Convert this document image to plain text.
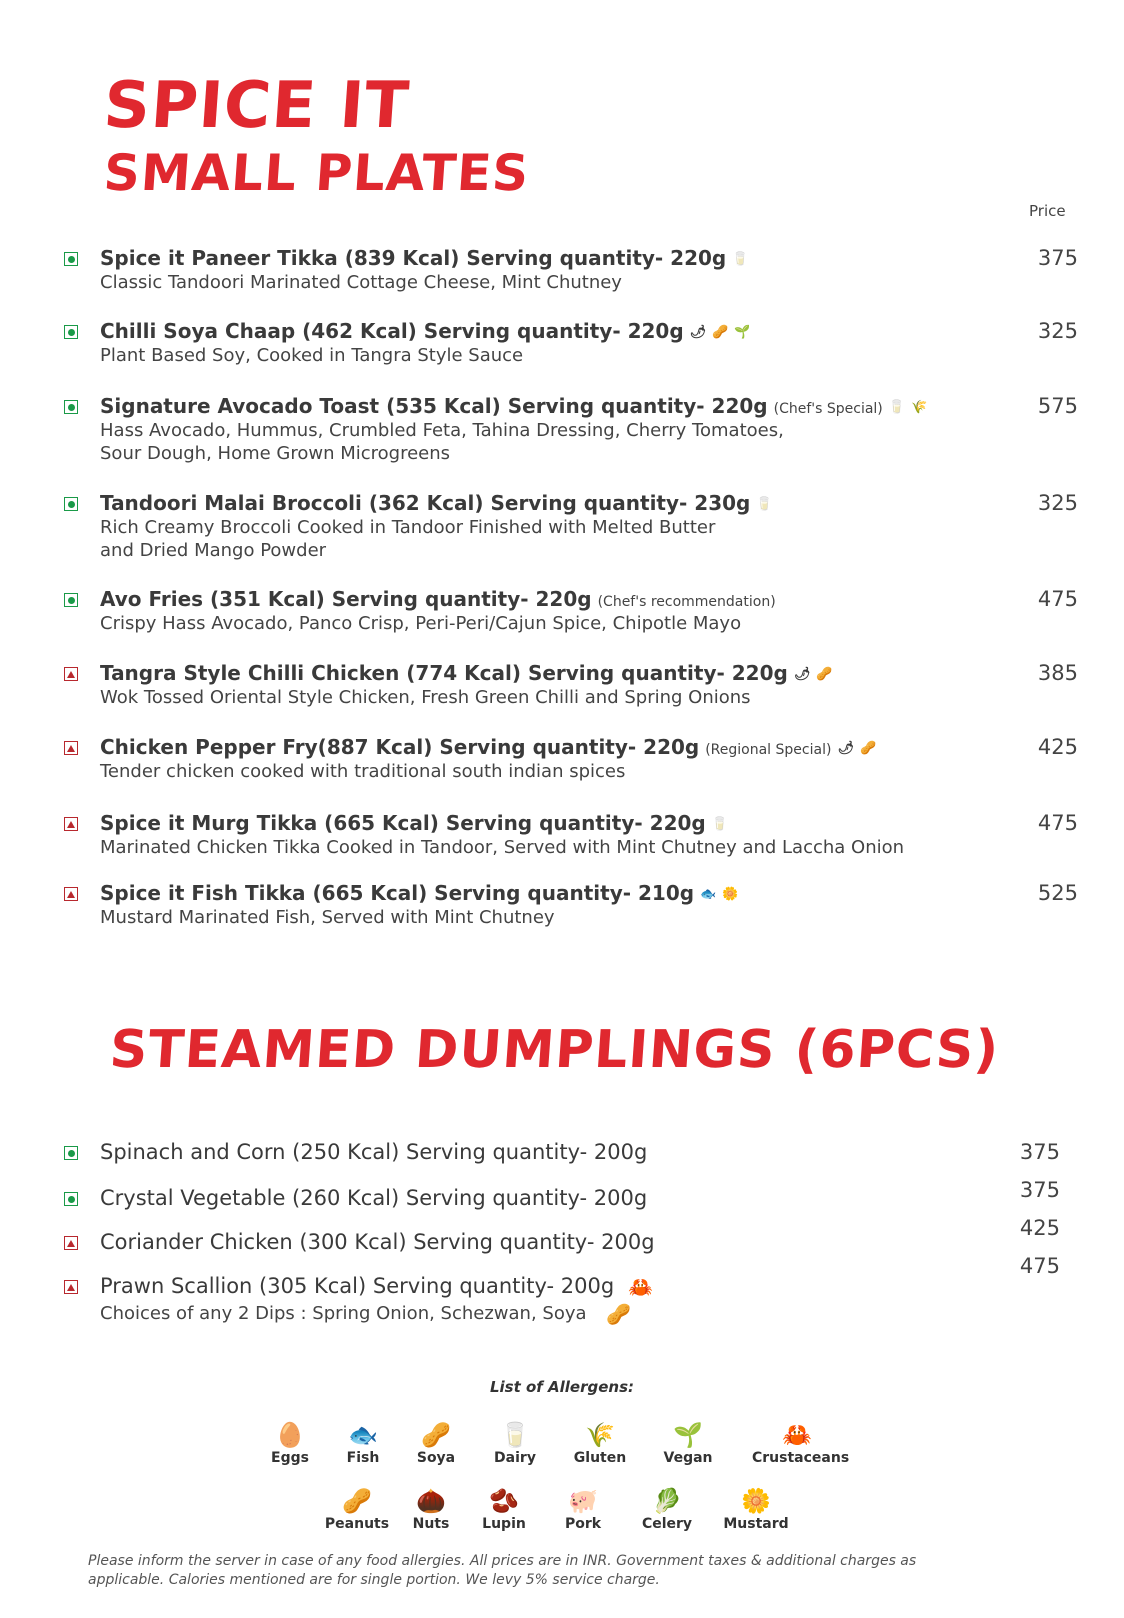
SPICE IT
SMALL PLATES
Price
Spice it Paneer Tikka (839 Kcal) Serving quantity- 220g 🥛
Classic Tandoori Marinated Cottage Cheese, Mint Chutney
375
Chilli Soya Chaap (462 Kcal) Serving quantity- 220g 🌶 🥜 🌱
Plant Based Soy, Cooked in Tangra Style Sauce
325
Signature Avocado Toast (535 Kcal) Serving quantity- 220g (Chef's Special) 🥛 🌾
Hass Avocado, Hummus, Crumbled Feta, Tahina Dressing, Cherry Tomatoes,
Sour Dough, Home Grown Microgreens
575
Tandoori Malai Broccoli (362 Kcal) Serving quantity- 230g 🥛
Rich Creamy Broccoli Cooked in Tandoor Finished with Melted Butter
and Dried Mango Powder
325
Avo Fries (351 Kcal) Serving quantity- 220g (Chef's recommendation)
Crispy Hass Avocado, Panco Crisp, Peri-Peri/Cajun Spice, Chipotle Mayo
475
Tangra Style Chilli Chicken (774 Kcal) Serving quantity- 220g 🌶 🥜
Wok Tossed Oriental Style Chicken, Fresh Green Chilli and Spring Onions
385
Chicken Pepper Fry(887 Kcal) Serving quantity- 220g (Regional Special) 🌶 🥜
Tender chicken cooked with traditional south indian spices
425
Spice it Murg Tikka (665 Kcal) Serving quantity- 220g 🥛
Marinated Chicken Tikka Cooked in Tandoor, Served with Mint Chutney and Laccha Onion
475
Spice it Fish Tikka (665 Kcal) Serving quantity- 210g 🐟 🌼
Mustard Marinated Fish, Served with Mint Chutney
525
STEAMED DUMPLINGS (6PCS)
Spinach and Corn (250 Kcal) Serving quantity- 200g
Crystal Vegetable (260 Kcal) Serving quantity- 200g
Coriander Chicken (300 Kcal) Serving quantity- 200g
Prawn Scallion (305 Kcal) Serving quantity- 200g 🦀
Choices of any 2 Dips : Spring Onion, Schezwan, Soya 🥜
List of Allergens:
🥚
Eggs
🐟
Fish
🥜
Soya
🥛
Dairy
🌾
Gluten
🌱
Vegan
🦀
Crustaceans
🥜
Peanuts
🌰
Nuts
🫘
Lupin
🐖
Pork
🥬
Celery
🌼
Mustard
Please inform the server in case of any food allergies. All prices are in INR. Government taxes & additional charges as applicable. Calories mentioned are for single portion. We levy 5% service charge.
375
375
425
475
